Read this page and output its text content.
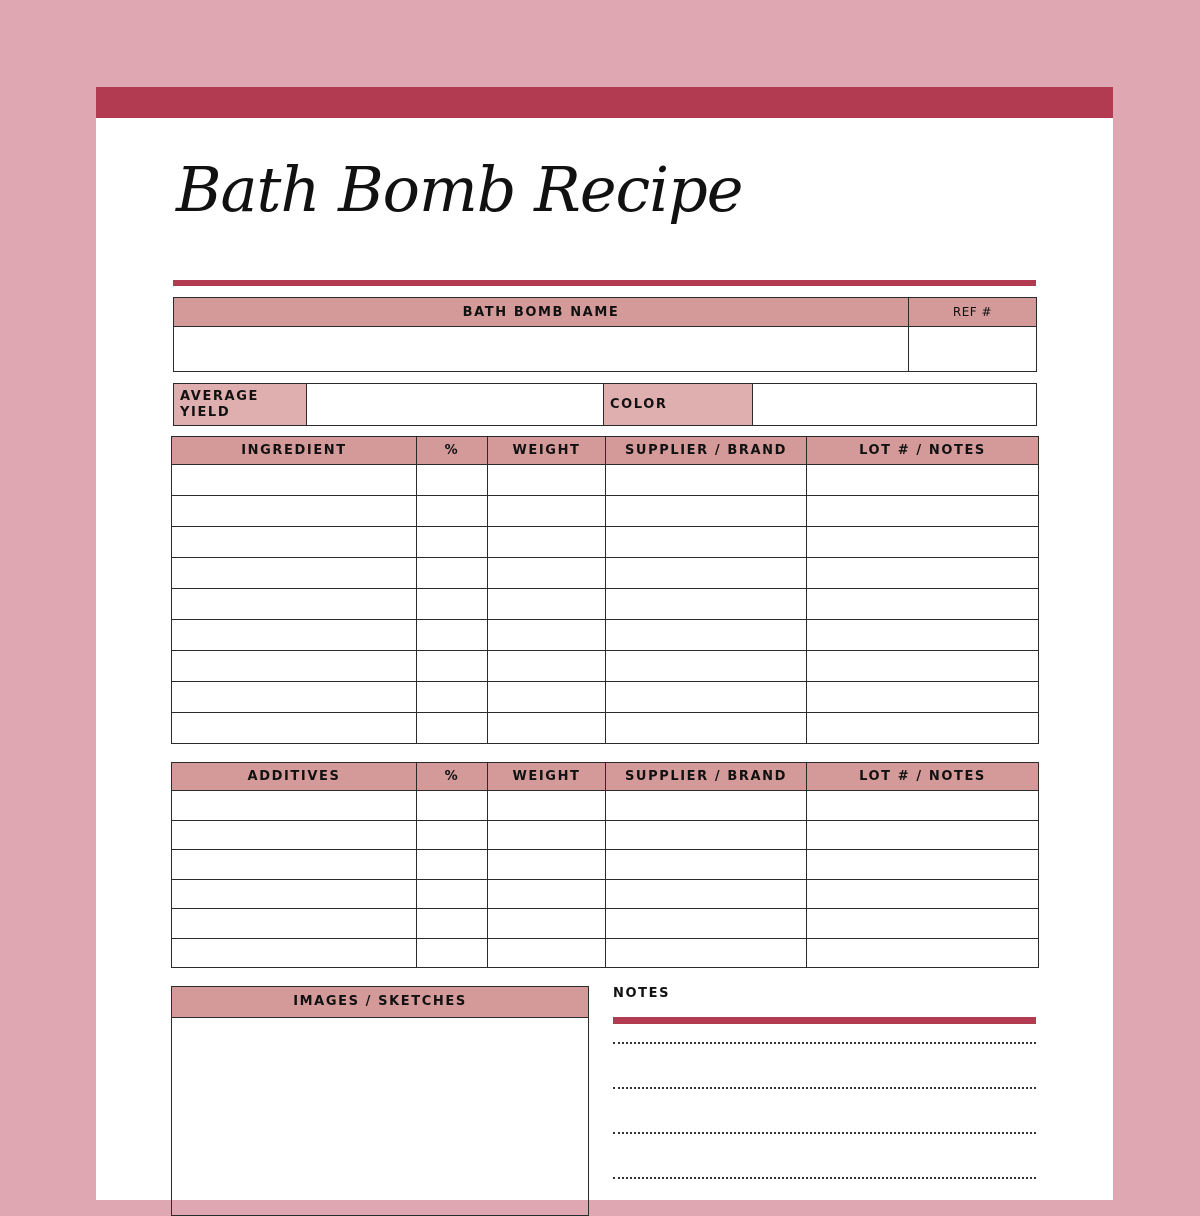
Bath Bomb Recipe
BATH BOMB NAME	REF #

AVERAGE
YIELD		COLOR	
INGREDIENT	%	WEIGHT	SUPPLIER / BRAND	LOT # / NOTES

ADDITIVES	%	WEIGHT	SUPPLIER / BRAND	LOT # / NOTES

IMAGES / SKETCHES
NOTES
